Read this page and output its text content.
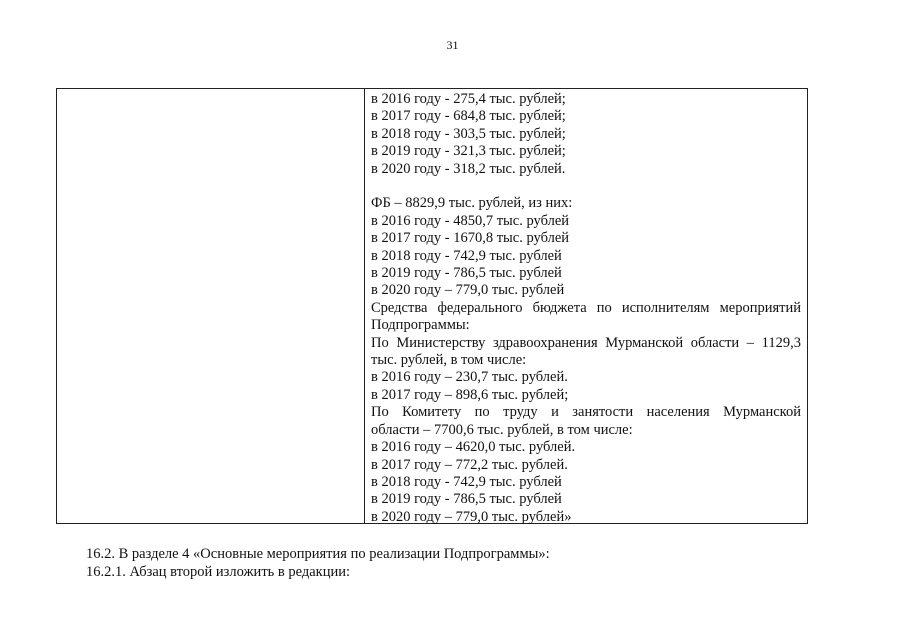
31
в 2016 году - 275,4 тыс. рублей;
в 2017 году - 684,8 тыс. рублей;
в 2018 году - 303,5 тыс. рублей;
в 2019 году - 321,3 тыс. рублей;
в 2020 году - 318,2 тыс. рублей.
ФБ – 8829,9 тыс. рублей, из них:
в 2016 году - 4850,7 тыс. рублей
в 2017 году - 1670,8 тыс. рублей
в 2018 году - 742,9 тыс. рублей
в 2019 году - 786,5 тыс. рублей
в 2020 году – 779,0 тыс. рублей
Средства федерального бюджета по исполнителям мероприятий
Подпрограммы:
По Министерству здравоохранения Мурманской области – 1129,3
тыс. рублей, в том числе:
в 2016 году – 230,7 тыс. рублей.
в 2017 году – 898,6 тыс. рублей;
По Комитету по труду и занятости населения Мурманской
области – 7700,6 тыс. рублей, в том числе:
в 2016 году – 4620,0 тыс. рублей.
в 2017 году – 772,2 тыс. рублей.
в 2018 году - 742,9 тыс. рублей
в 2019 году - 786,5 тыс. рублей
в 2020 году – 779,0 тыс. рублей»
16.2. В разделе 4 «Основные мероприятия по реализации Подпрограммы»:
16.2.1. Абзац второй изложить в редакции:
